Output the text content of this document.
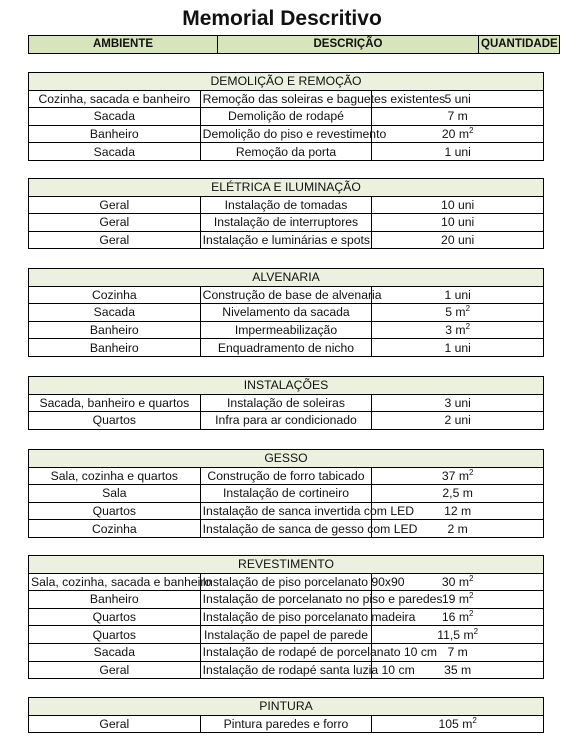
Memorial Descritivo
AMBIENTE	DESCRIÇÃO	QUANTIDADE
DEMOLIÇÃO E REMOÇÃO		
Cozinha, sacada e banheiro	Remoção das soleiras e baguetes existentes	5 uni
Sacada	Demolição de rodapé	7 m
Banheiro	Demolição do piso e revestimento	20 $m^2$
Sacada	Remoção da porta	1 uni
ELÉTRICA E ILUMINAÇÃO		
Geral	Instalação de tomadas	10 uni
Geral	Instalação de interruptores	10 uni
Geral	Instalação e luminárias e spots	20 uni
ALVENARIA		
Cozinha	Construção de base de alvenaria	1 uni
Sacada	Nivelamento da sacada	5 $m^2$
Banheiro	Impermeabilização	3 $m^2$
Banheiro	Enquadramento de nicho	1 uni
INSTALAÇÕES		
Sacada, banheiro e quartos	Instalação de soleiras	3 uni
Quartos	Infra para ar condicionado	2 uni
GESSO		
Sala, cozinha e quartos	Construção de forro tabicado	37 $m^2$
Sala	Instalação de cortineiro	2,5 m
Quartos	Instalação de sanca invertida com LED	12 m
Cozinha	Instalação de sanca de gesso com LED	2 m
REVESTIMENTO		
Sala, cozinha, sacada e banheiro	Instalação de piso porcelanato 90x90	30 $m^2$
Banheiro	Instalação de porcelanato no piso e paredes	19 $m^2$
Quartos	Instalação de piso porcelanato madeira	16 $m^2$
Quartos	Instalação de papel de parede	11,5 $m^2$
Sacada	Instalação de rodapé de porcelanato 10 cm	7 m
Geral	Instalação de rodapé santa luzia 10 cm	35 m
PINTURA
Geral	Pintura paredes e forro	105 $m^2$
